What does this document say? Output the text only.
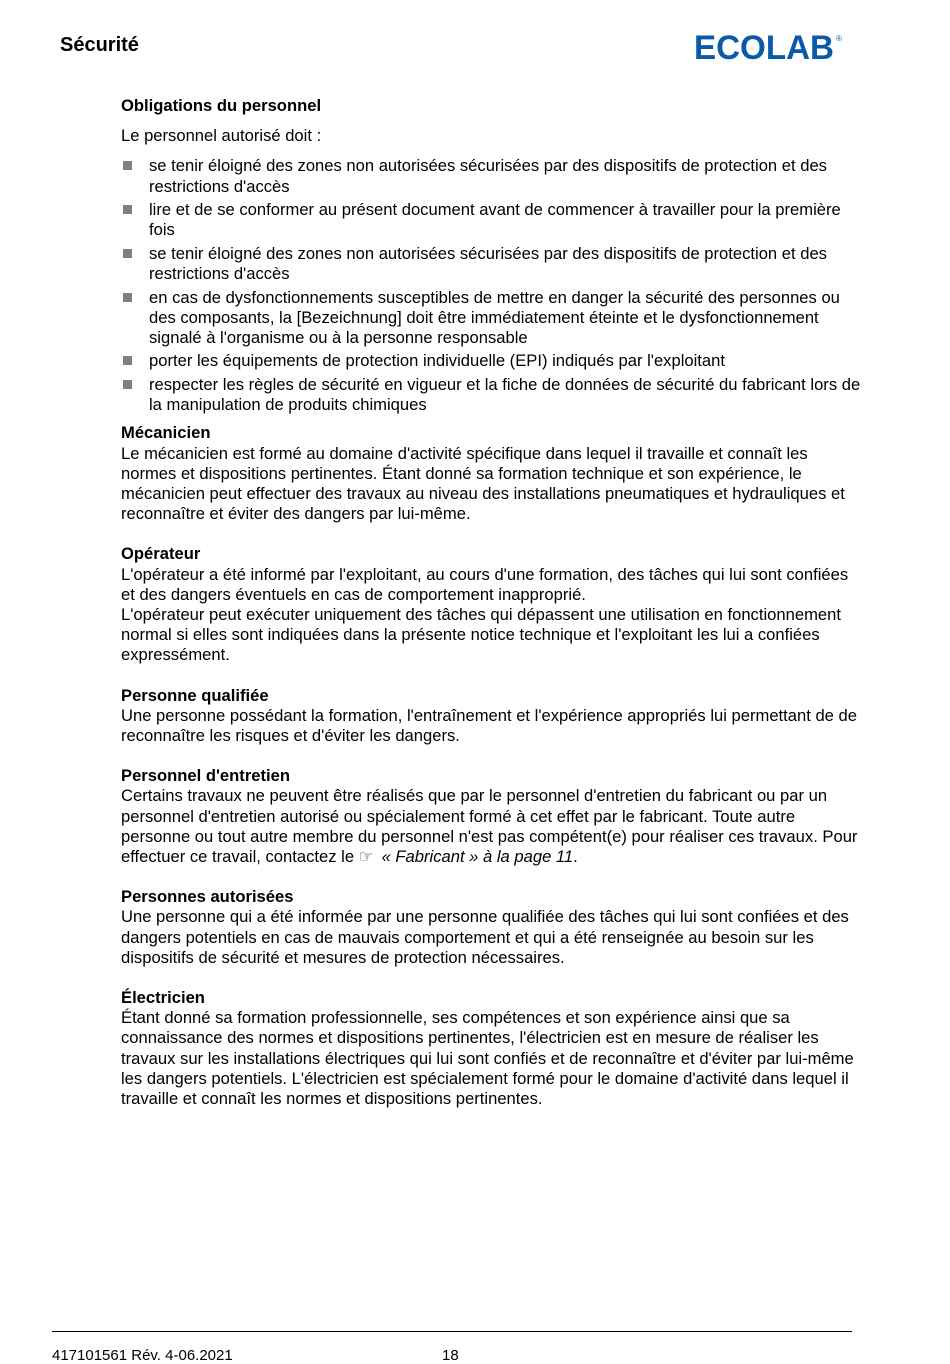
Sécurité	ECOLAB ®
Obligations du personnel

Le personnel autorisé doit :

se tenir éloigné des zones non autorisées sécurisées par des dispositifs de protection et des restrictions d'accès
lire et de se conformer au présent document avant de commencer à travailler pour la première fois
se tenir éloigné des zones non autorisées sécurisées par des dispositifs de protection et des restrictions d'accès
en cas de dysfonctionnements susceptibles de mettre en danger la sécurité des personnes ou des composants, la [Bezeichnung] doit être immédiatement éteinte et le dysfonctionnement signalé à l'organisme ou à la personne responsable
porter les équipements de protection individuelle (EPI) indiqués par l'exploitant
respecter les règles de sécurité en vigueur et la fiche de données de sécurité du fabricant lors de la manipulation de produits chimiques
Mécanicien

Le mécanicien est formé au domaine d'activité spécifique dans lequel il travaille et connaît les normes et dispositions pertinentes. Étant donné sa formation technique et son expérience, le mécanicien peut effectuer des travaux au niveau des installations pneumatiques et hydrauliques et reconnaître et éviter des dangers par lui-même.

Opérateur

L'opérateur a été informé par l'exploitant, au cours d'une formation, des tâches qui lui sont confiées et des dangers éventuels en cas de comportement inapproprié.

L'opérateur peut exécuter uniquement des tâches qui dépassent une utilisation en fonctionnement normal si elles sont indiquées dans la présente notice technique et l'exploitant les lui a confiées expressément.

Personne qualifiée

Une personne possédant la formation, l'entraînement et l'expérience appropriés lui permettant de de reconnaître les risques et d'éviter les dangers.

Personnel d'entretien

Certains travaux ne peuvent être réalisés que par le personnel d'entretien du fabricant ou par un personnel d'entretien autorisé ou spécialement formé à cet effet par le fabricant. Toute autre personne ou tout autre membre du personnel n'est pas compétent(e) pour réaliser ces travaux. Pour effectuer ce travail, contactez le ☞ « Fabricant » à la page 11.

Personnes autorisées

Une personne qui a été informée par une personne qualifiée des tâches qui lui sont confiées et des dangers potentiels en cas de mauvais comportement et qui a été renseignée au besoin sur les dispositifs de sécurité et mesures de protection nécessaires.

Électricien

Étant donné sa formation professionnelle, ses compétences et son expérience ainsi que sa connaissance des normes et dispositions pertinentes, l'électricien est en mesure de réaliser les travaux sur les installations électriques qui lui sont confiés et de reconnaître et d'éviter par lui-même les dangers potentiels. L'électricien est spécialement formé pour le domaine d'activité dans lequel il travaille et connaît les normes et dispositions pertinentes.

417101561 Rév. 4-06.2021	18
